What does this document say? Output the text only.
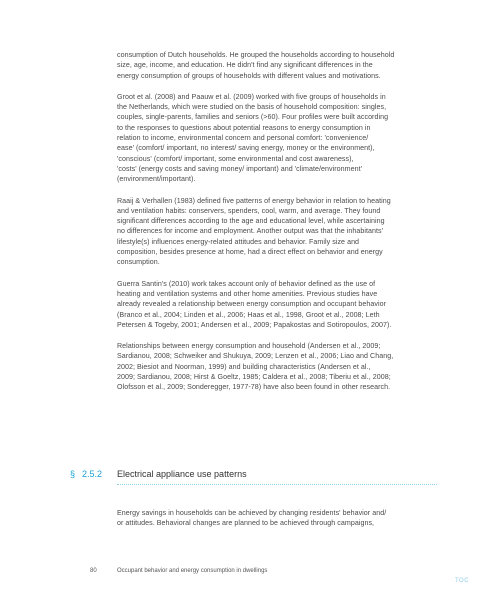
consumption of Dutch households. He grouped the households according to household
size, age, income, and education. He didn't find any significant differences in the
energy consumption of groups of households with different values and motivations.

Groot et al. (2008) and Paauw et al. (2009) worked with five groups of households in
the Netherlands, which were studied on the basis of household composition: singles,
couples, single-parents, families and seniors (>60). Four profiles were built according
to the responses to questions about potential reasons to energy consumption in
relation to income, environmental concern and personal comfort: 'convenience/
ease' (comfort/ important, no interest/ saving energy, money or the environment),
'conscious' (comfort/ important, some environmental and cost awareness),
'costs' (energy costs and saving money/ important) and 'climate/environment'
(environment/important).

Raaij & Verhallen (1983) defined five patterns of energy behavior in relation to heating
and ventilation habits: conservers, spenders, cool, warm, and average. They found
significant differences according to the age and educational level, while ascertaining
no differences for income and employment. Another output was that the inhabitants'
lifestyle(s) influences energy-related attitudes and behavior. Family size and
composition, besides presence at home, had a direct effect on behavior and energy
consumption.

Guerra Santin's (2010) work takes account only of behavior defined as the use of
heating and ventilation systems and other home amenities. Previous studies have
already revealed a relationship between energy consumption and occupant behavior
(Branco et al., 2004; Linden et al., 2006; Haas et al., 1998, Groot et al., 2008; Leth
Petersen & Togeby, 2001; Andersen et al., 2009; Papakostas and Sotiropoulos, 2007).

Relationships between energy consumption and household (Andersen et al., 2009;
Sardianou, 2008; Schweiker and Shukuya, 2009; Lenzen et al., 2006; Liao and Chang,
2002; Biesiot and Noorman, 1999) and building characteristics (Andersen et al.,
2009; Sardianou, 2008; Hirst & Goeltz, 1985; Caldera et al., 2008; Tiberiu et al., 2008;
Olofsson et al., 2009; Sonderegger, 1977-78) have also been found in other research.

§ 2.5.2 Electrical appliance use patterns

Energy savings in households can be achieved by changing residents' behavior and/
or attitudes. Behavioral changes are planned to be achieved through campaigns,

80	Occupant behavior and energy consumption in dwellings
TOC
